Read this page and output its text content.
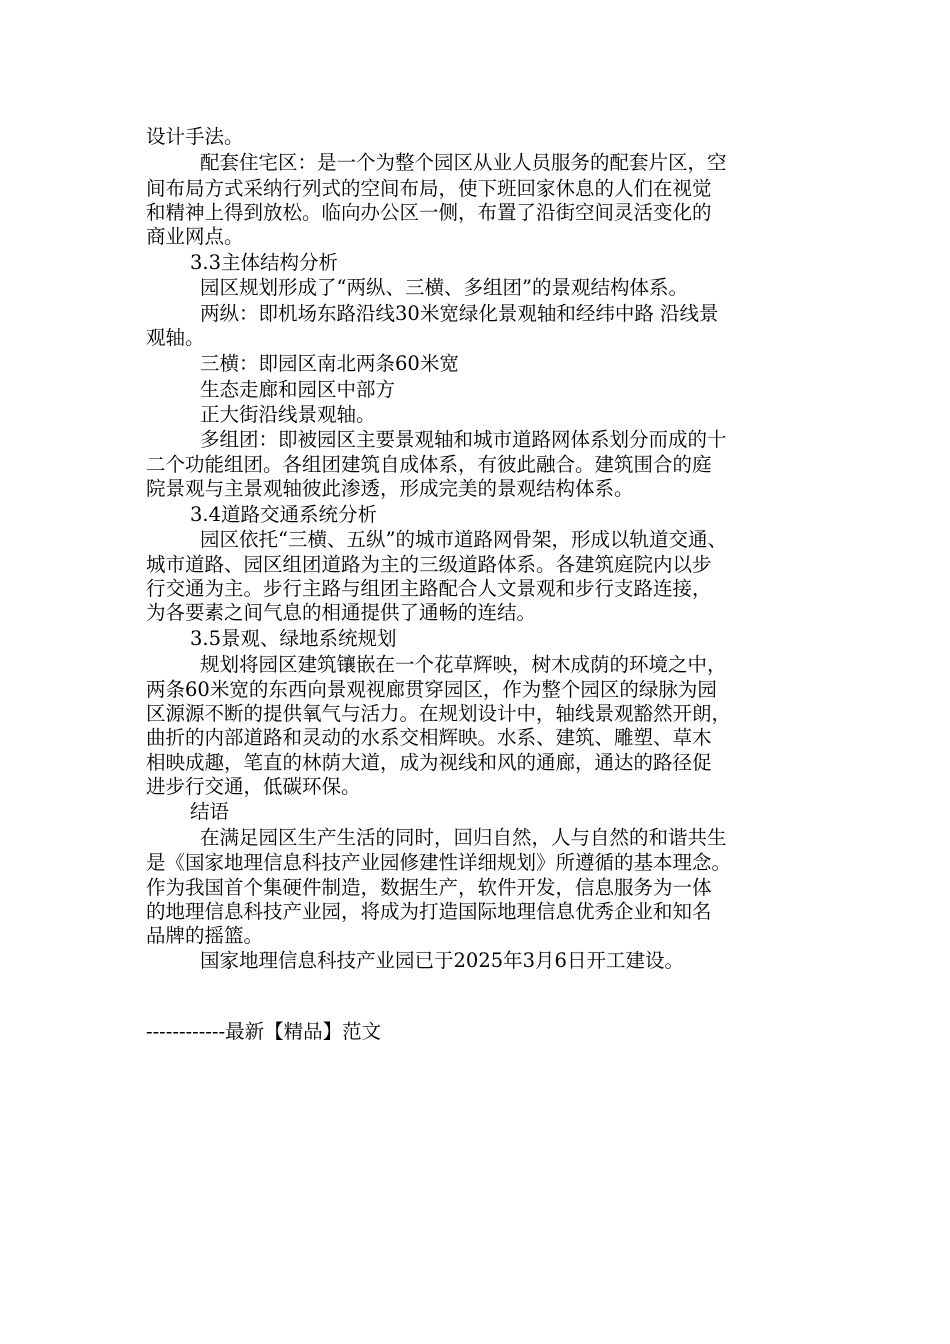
设计手法。
配套住宅区：是一个为整个园区从业人员服务的配套片区，空
间布局方式采纳行列式的空间布局，使下班回家休息的人们在视觉
和精神上得到放松。临向办公区一侧，布置了沿街空间灵活变化的
商业网点。
3.3主体结构分析
园区规划形成了“两纵、三横、多组团”的景观结构体系。
两纵：即机场东路沿线30米宽绿化景观轴和经纬中路 沿线景
观轴。
三横：即园区南北两条60米宽
生态走廊和园区中部方
正大街沿线景观轴。
多组团：即被园区主要景观轴和城市道路网体系划分而成的十
二个功能组团。各组团建筑自成体系，有彼此融合。建筑围合的庭
院景观与主景观轴彼此渗透，形成完美的景观结构体系。
3.4道路交通系统分析
园区依托“三横、五纵”的城市道路网骨架，形成以轨道交通、
城市道路、园区组团道路为主的三级道路体系。各建筑庭院内以步
行交通为主。步行主路与组团主路配合人文景观和步行支路连接，
为各要素之间气息的相通提供了通畅的连结。
3.5景观、绿地系统规划
规划将园区建筑镶嵌在一个花草辉映，树木成荫的环境之中，
两条60米宽的东西向景观视廊贯穿园区，作为整个园区的绿脉为园
区源源不断的提供氧气与活力。在规划设计中，轴线景观豁然开朗，
曲折的内部道路和灵动的水系交相辉映。水系、建筑、雕塑、草木
相映成趣，笔直的林荫大道，成为视线和风的通廊，通达的路径促
进步行交通，低碳环保。
结语
在满足园区生产生活的同时，回归自然，人与自然的和谐共生
是《国家地理信息科技产业园修建性详细规划》所遵循的基本理念。
作为我国首个集硬件制造，数据生产，软件开发，信息服务为一体
的地理信息科技产业园，将成为打造国际地理信息优秀企业和知名
品牌的摇篮。
国家地理信息科技产业园已于2025年3月6日开工建设。
------------最新【精品】范文
